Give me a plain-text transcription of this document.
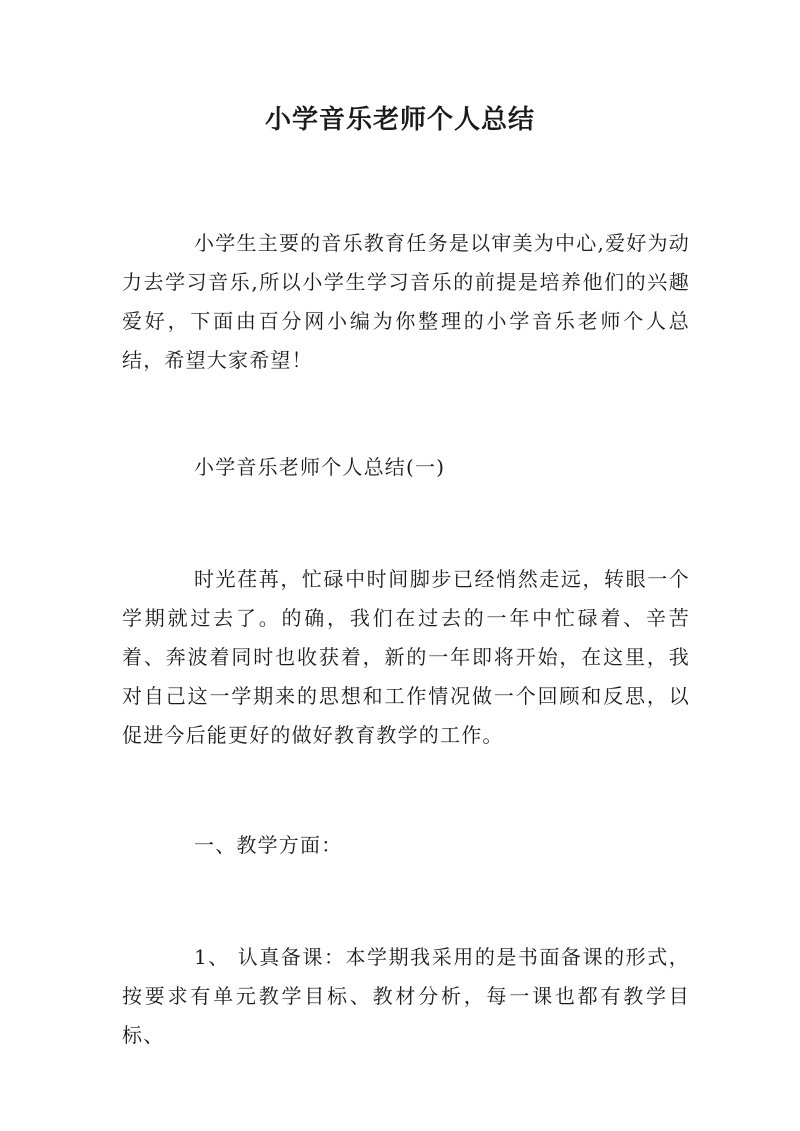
小学音乐老师个人总结
小学生主要的音乐教育任务是以审美为中心,爱好为动力去学习音乐,所以小学生学习音乐的前提是培养他们的兴趣爱好，下面由百分网小编为你整理的小学音乐老师个人总结，希望大家希望！
小学音乐老师个人总结(一)
时光荏苒，忙碌中时间脚步已经悄然走远，转眼一个学期就过去了。的确，我们在过去的一年中忙碌着、辛苦着、奔波着同时也收获着，新的一年即将开始，在这里，我对自己这一学期来的思想和工作情况做一个回顾和反思，以促进今后能更好的做好教育教学的工作。
一、教学方面：
1、 认真备课：本学期我采用的是书面备课的形式，按要求有单元教学目标、教材分析，每一课也都有教学目标、
